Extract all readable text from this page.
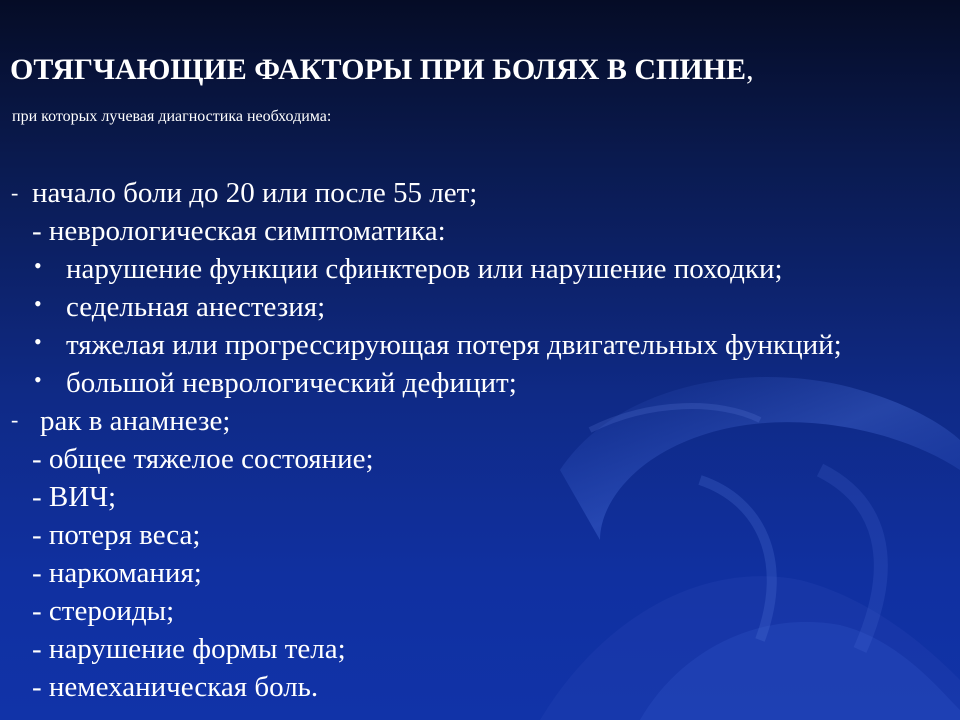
ОТЯГЧАЮЩИЕ ФАКТОРЫ ПРИ БОЛЯХ В СПИНЕ,
при которых лучевая диагностика необходима:
- начало боли до 20 или после 55 лет;
- неврологическая симптоматика:
• нарушение функции сфинктеров или нарушение походки;
• седельная анестезия;
• тяжелая или прогрессирующая потеря двигательных функций;
• большой неврологический дефицит;
- рак в анамнезе;
- общее тяжелое состояние;
- ВИЧ;
- потеря веса;
- наркомания;
- стероиды;
- нарушение формы тела;
- немеханическая боль.
